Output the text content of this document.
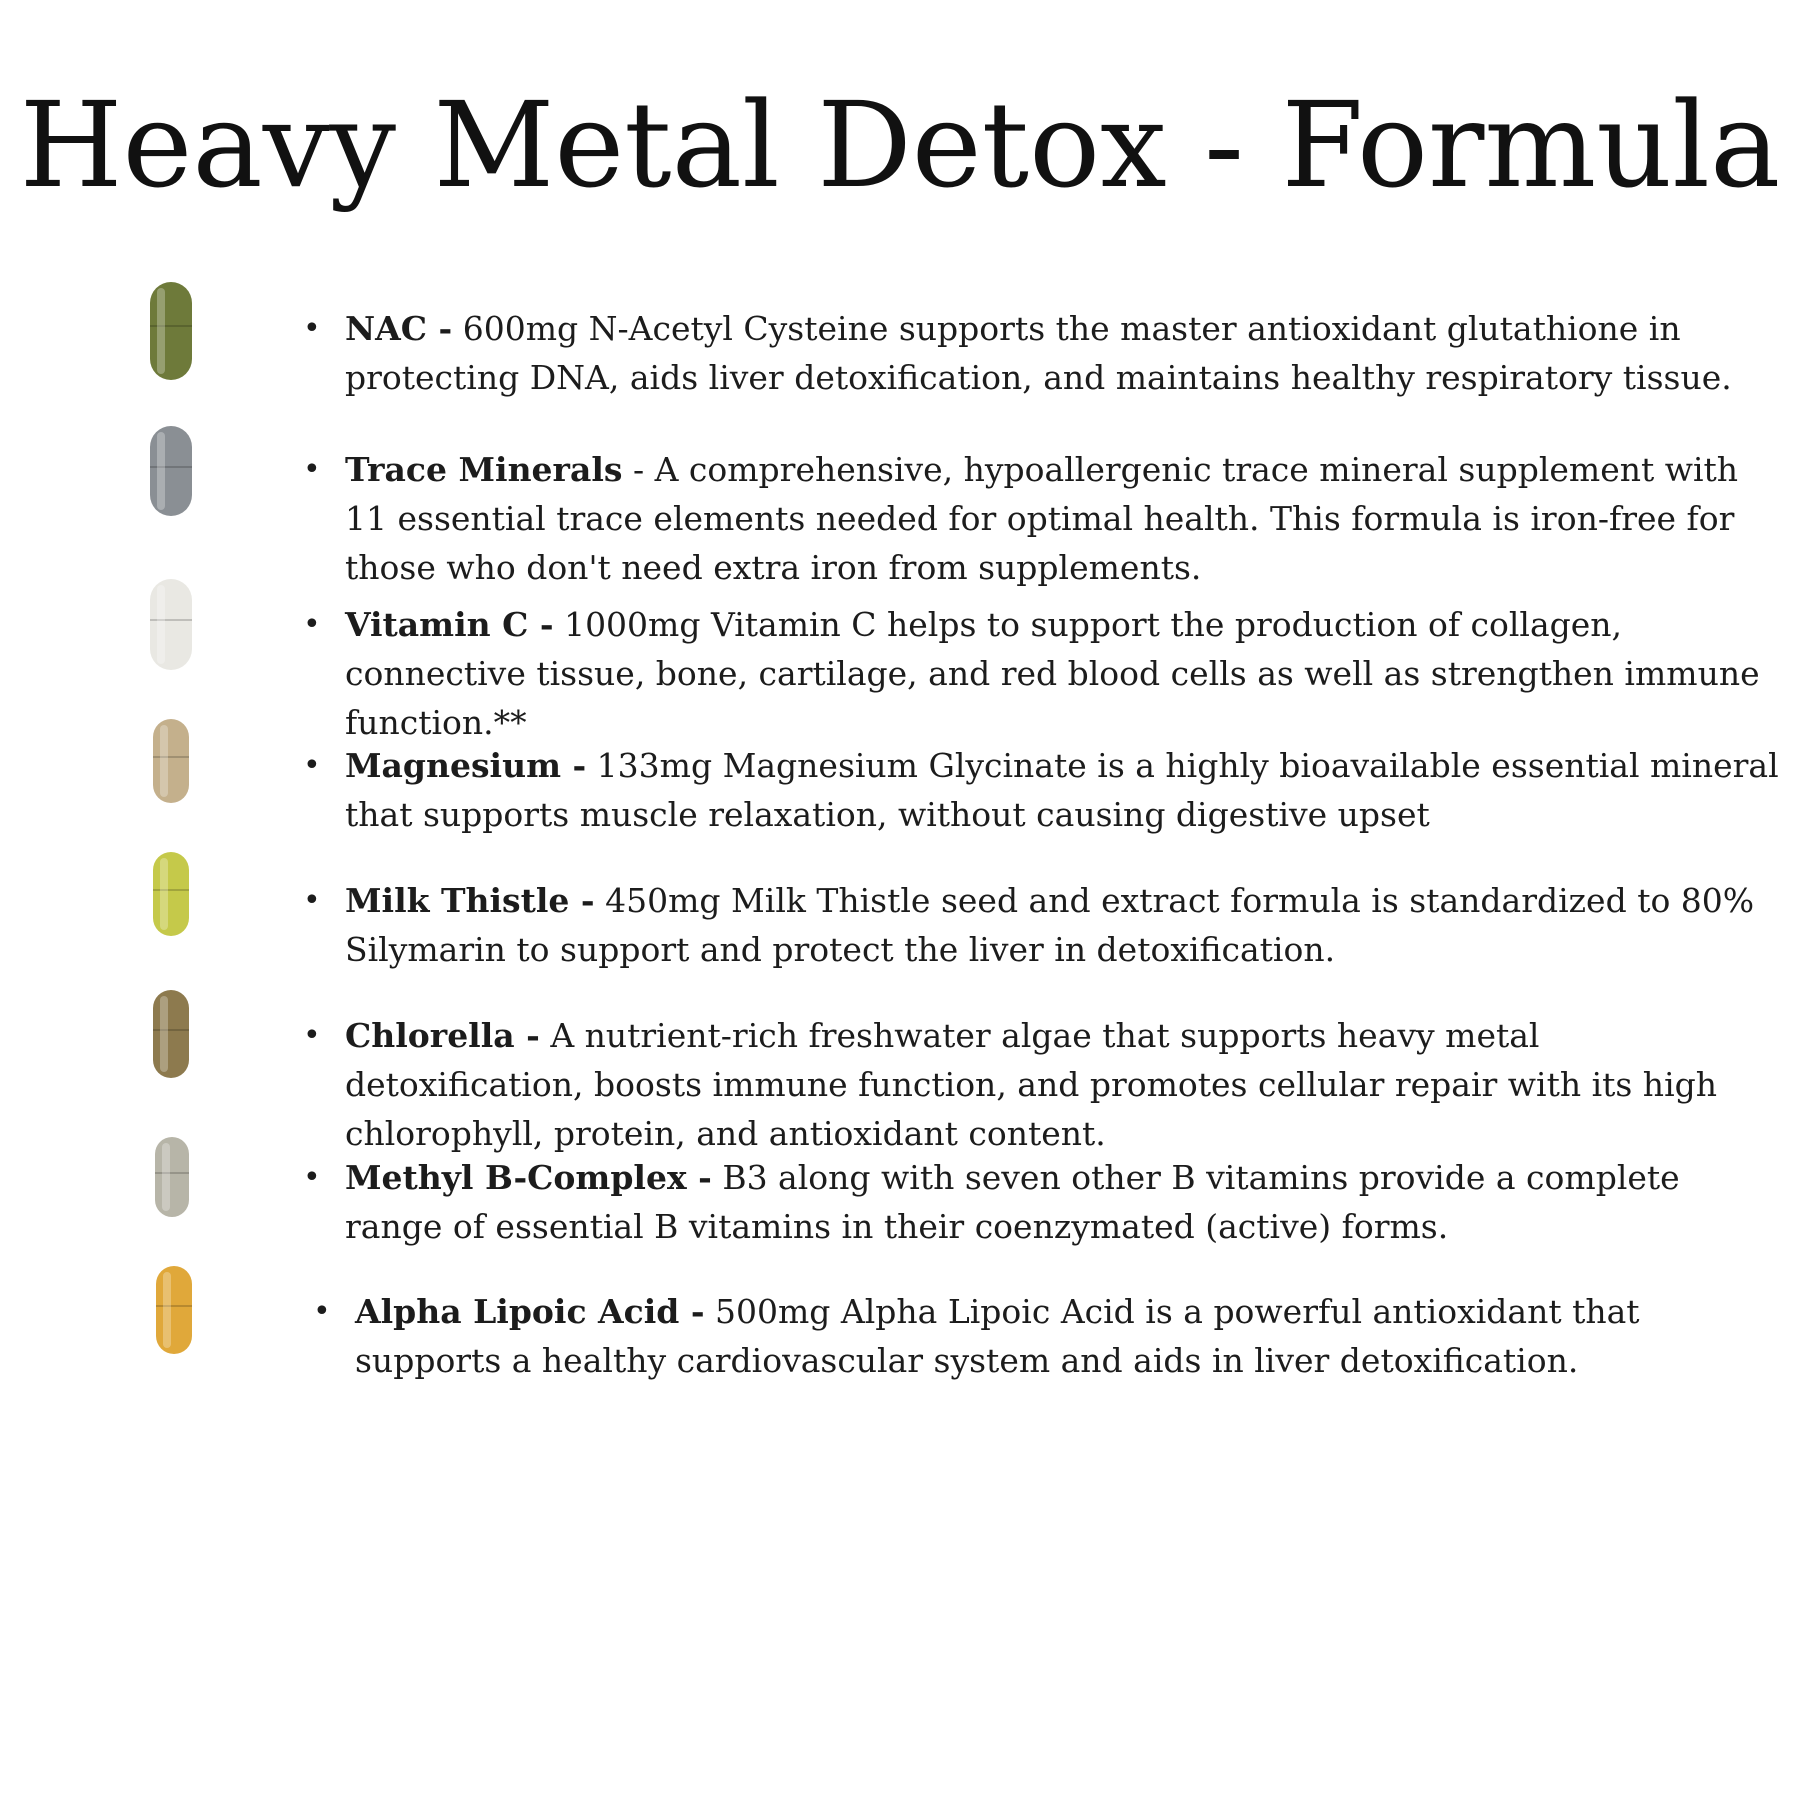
Heavy Metal Detox - Formula
• NAC - 600mg N-Acetyl Cysteine supports the master antioxidant glutathione in protecting DNA, aids liver detoxification, and maintains healthy respiratory tissue.
• Trace Minerals - A comprehensive, hypoallergenic trace mineral supplement with 11 essential trace elements needed for optimal health. This formula is iron-free for those who don't need extra iron from supplements.
• Vitamin C - 1000mg Vitamin C helps to support the production of collagen, connective tissue, bone, cartilage, and red blood cells as well as strengthen immune function.**
• Magnesium - 133mg Magnesium Glycinate is a highly bioavailable essential mineral that supports muscle relaxation, without causing digestive upset
• Milk Thistle - 450mg Milk Thistle seed and extract formula is standardized to 80% Silymarin to support and protect the liver in detoxification.
• Chlorella - A nutrient-rich freshwater algae that supports heavy metal detoxification, boosts immune function, and promotes cellular repair with its high chlorophyll, protein, and antioxidant content.
• Methyl B-Complex - B3 along with seven other B vitamins provide a complete range of essential B vitamins in their coenzymated (active) forms.
• Alpha Lipoic Acid - 500mg Alpha Lipoic Acid is a powerful antioxidant that supports a healthy cardiovascular system and aids in liver detoxification.
